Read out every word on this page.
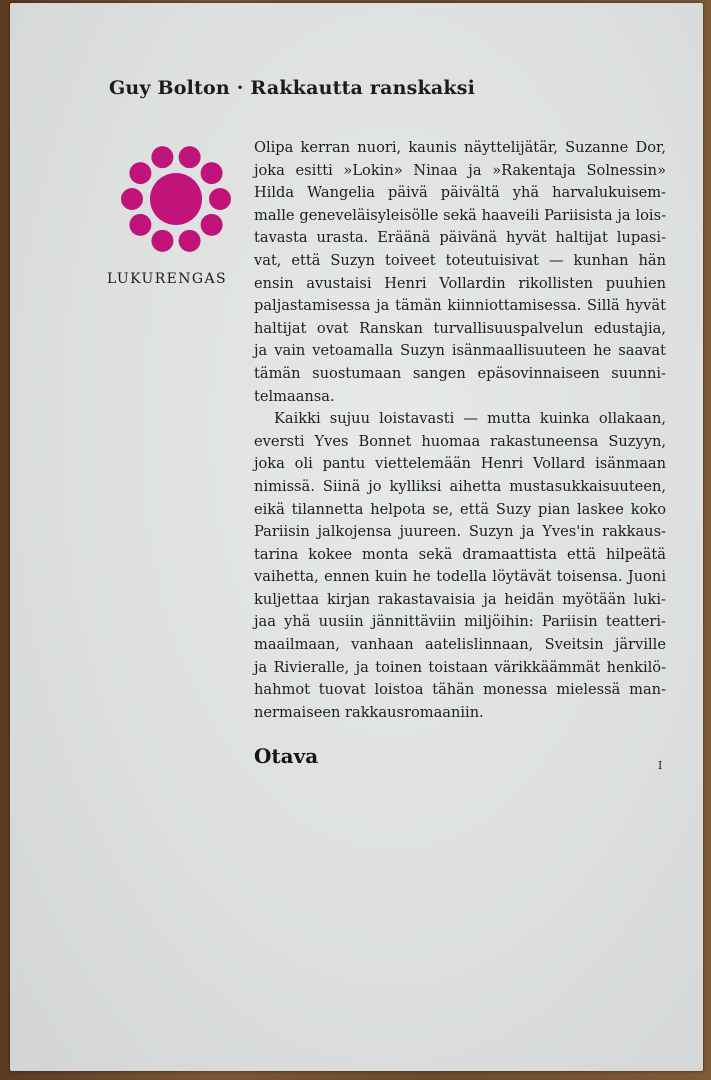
Guy Bolton · Rakkautta ranskaksi
LUKURENGAS
Olipa kerran nuori, kaunis näyttelijätär, Suzanne Dor,
joka esitti »Lokin» Ninaa ja »Rakentaja Solnessin»
Hilda Wangelia päivä päivältä yhä harvalukuisem-
malle geneveläisyleisölle sekä haaveili Pariisista ja lois-
tavasta urasta. Eräänä päivänä hyvät haltijat lupasi-
vat, että Suzyn toiveet toteutuisivat — kunhan hän
ensin avustaisi Henri Vollardin rikollisten puuhien
paljastamisessa ja tämän kiinniottamisessa. Sillä hyvät
haltijat ovat Ranskan turvallisuuspalvelun edustajia,
ja vain vetoamalla Suzyn isänmaallisuuteen he saavat
tämän suostumaan sangen epäsovinnaiseen suunni-
telmaansa.
Kaikki sujuu loistavasti — mutta kuinka ollakaan,
eversti Yves Bonnet huomaa rakastuneensa Suzyyn,
joka oli pantu viettelemään Henri Vollard isänmaan
nimissä. Siinä jo kylliksi aihetta mustasukkaisuuteen,
eikä tilannetta helpota se, että Suzy pian laskee koko
Pariisin jalkojensa juureen. Suzyn ja Yves'in rakkaus-
tarina kokee monta sekä dramaattista että hilpeätä
vaihetta, ennen kuin he todella löytävät toisensa. Juoni
kuljettaa kirjan rakastavaisia ja heidän myötään luki-
jaa yhä uusiin jännittäviin miljöihin: Pariisin teatteri-
maailmaan, vanhaan aatelislinnaan, Sveitsin järville
ja Rivieralle, ja toinen toistaan värikkäämmät henkilö-
hahmot tuovat loistoa tähän monessa mielessä man-
nermaiseen rakkausromaaniin.
Otava	I
